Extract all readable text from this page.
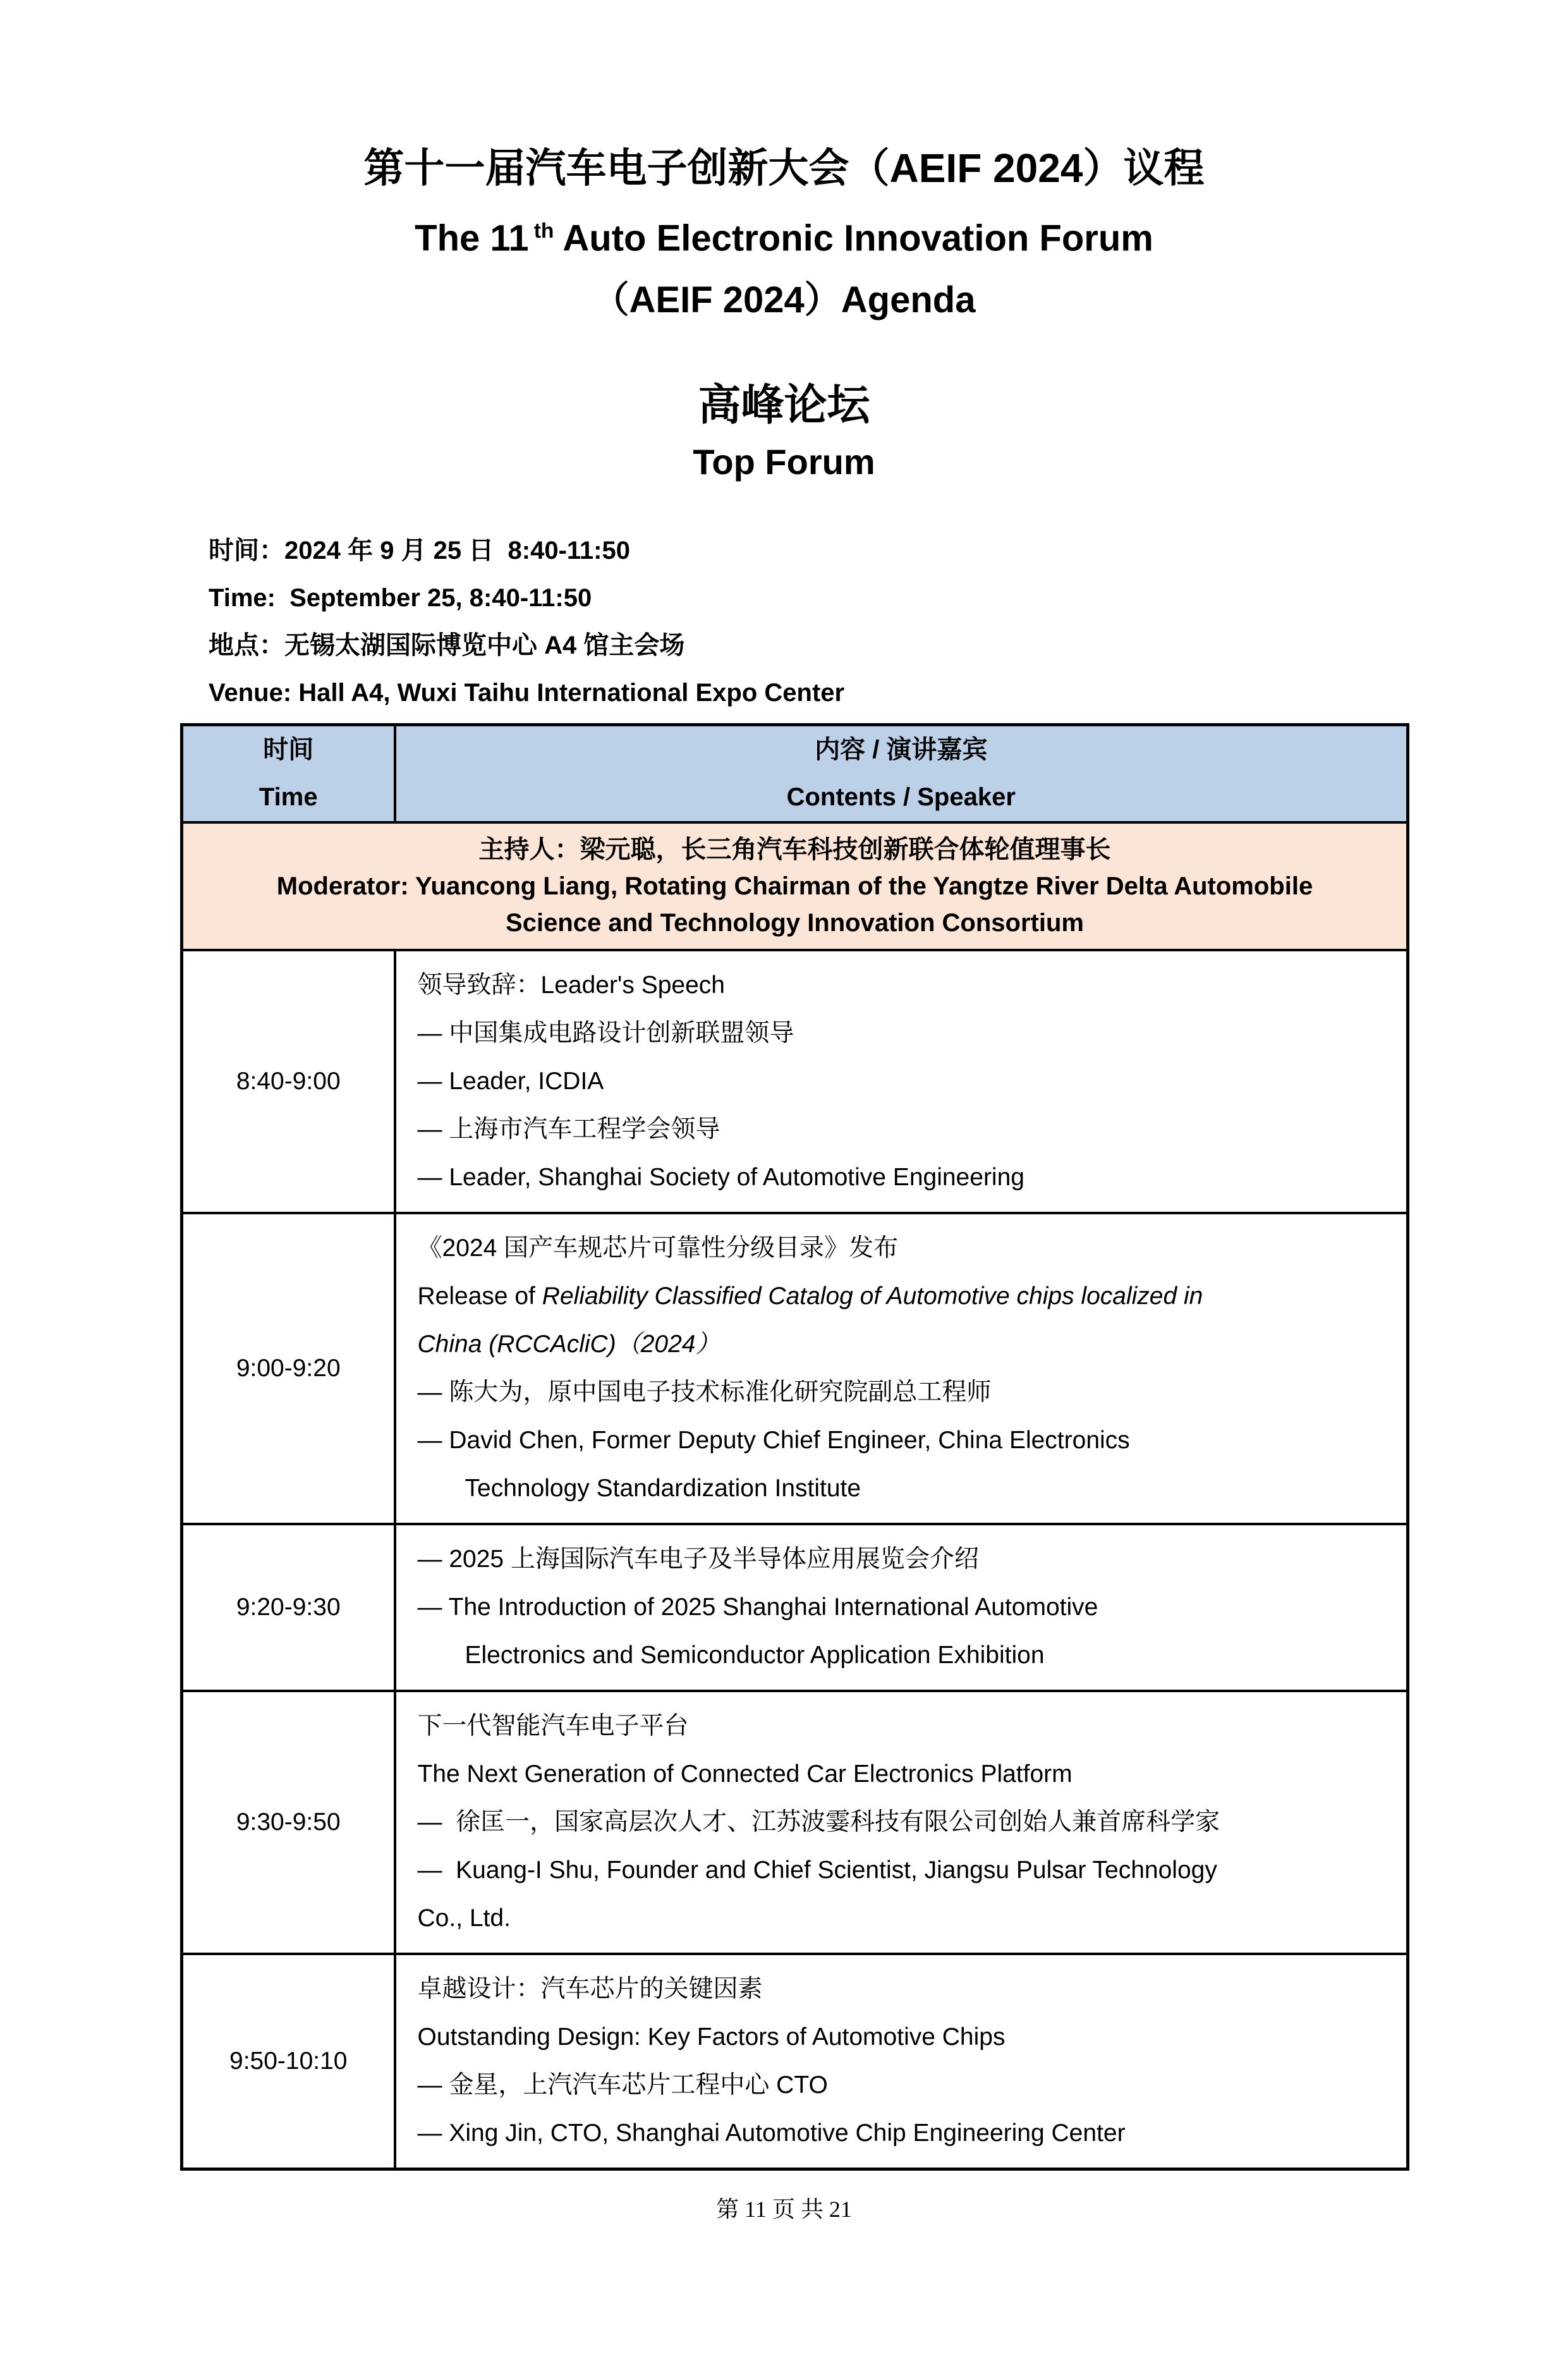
第十一届汽车电子创新大会（AEIF 2024）议程
The 11 $^{th}$ Auto Electronic Innovation Forum
（AEIF 2024）Agenda
高峰论坛
Top Forum
时间：2024 年 9 月 25 日  8:40-11:50
Time:  September 25, 8:40-11:50
地点：无锡太湖国际博览中心 A4 馆主会场
Venue: Hall A4, Wuxi Taihu International Expo Center
时间
Time

内容 / 演讲嘉宾
Contents / Speaker

主持人：梁元聪，长三角汽车科技创新联合体轮值理事长
Moderator: Yuancong Liang, Rotating Chairman of the Yangtze River Delta Automobile
Science and Technology Innovation Consortium	

8:40-9:00	领导致辞：Leader's Speech
— 中国集成电路设计创新联盟领导
— Leader, ICDIA
— 上海市汽车工程学会领导
— Leader, Shanghai Society of Automotive Engineering

9:00-9:20	
《2024 国产车规芯片可靠性分级目录》发布
Release of Reliability Classified Catalog of Automotive chips localized in
China (RCCAcliC)（2024）
— 陈大为，原中国电子技术标准化研究院副总工程师
— David Chen, Former Deputy Chief Engineer, China Electronics
Technology Standardization Institute

9:20-9:30	— 2025 上海国际汽车电子及半导体应用展览会介绍
— The Introduction of 2025 Shanghai International Automotive
Electronics and Semiconductor Application Exhibition

9:30-9:50	下一代智能汽车电子平台
The Next Generation of Connected Car Electronics Platform
—  徐匡一，国家高层次人才、江苏波霎科技有限公司创始人兼首席科学家
—  Kuang-I Shu, Founder and Chief Scientist, Jiangsu Pulsar Technology
Co., Ltd.

9:50-10:10	卓越设计：汽车芯片的关键因素
Outstanding Design: Key Factors of Automotive Chips
— 金星，上汽汽车芯片工程中心 CTO
— Xing Jin, CTO, Shanghai Automotive Chip Engineering Center
第 11 页 共 21
